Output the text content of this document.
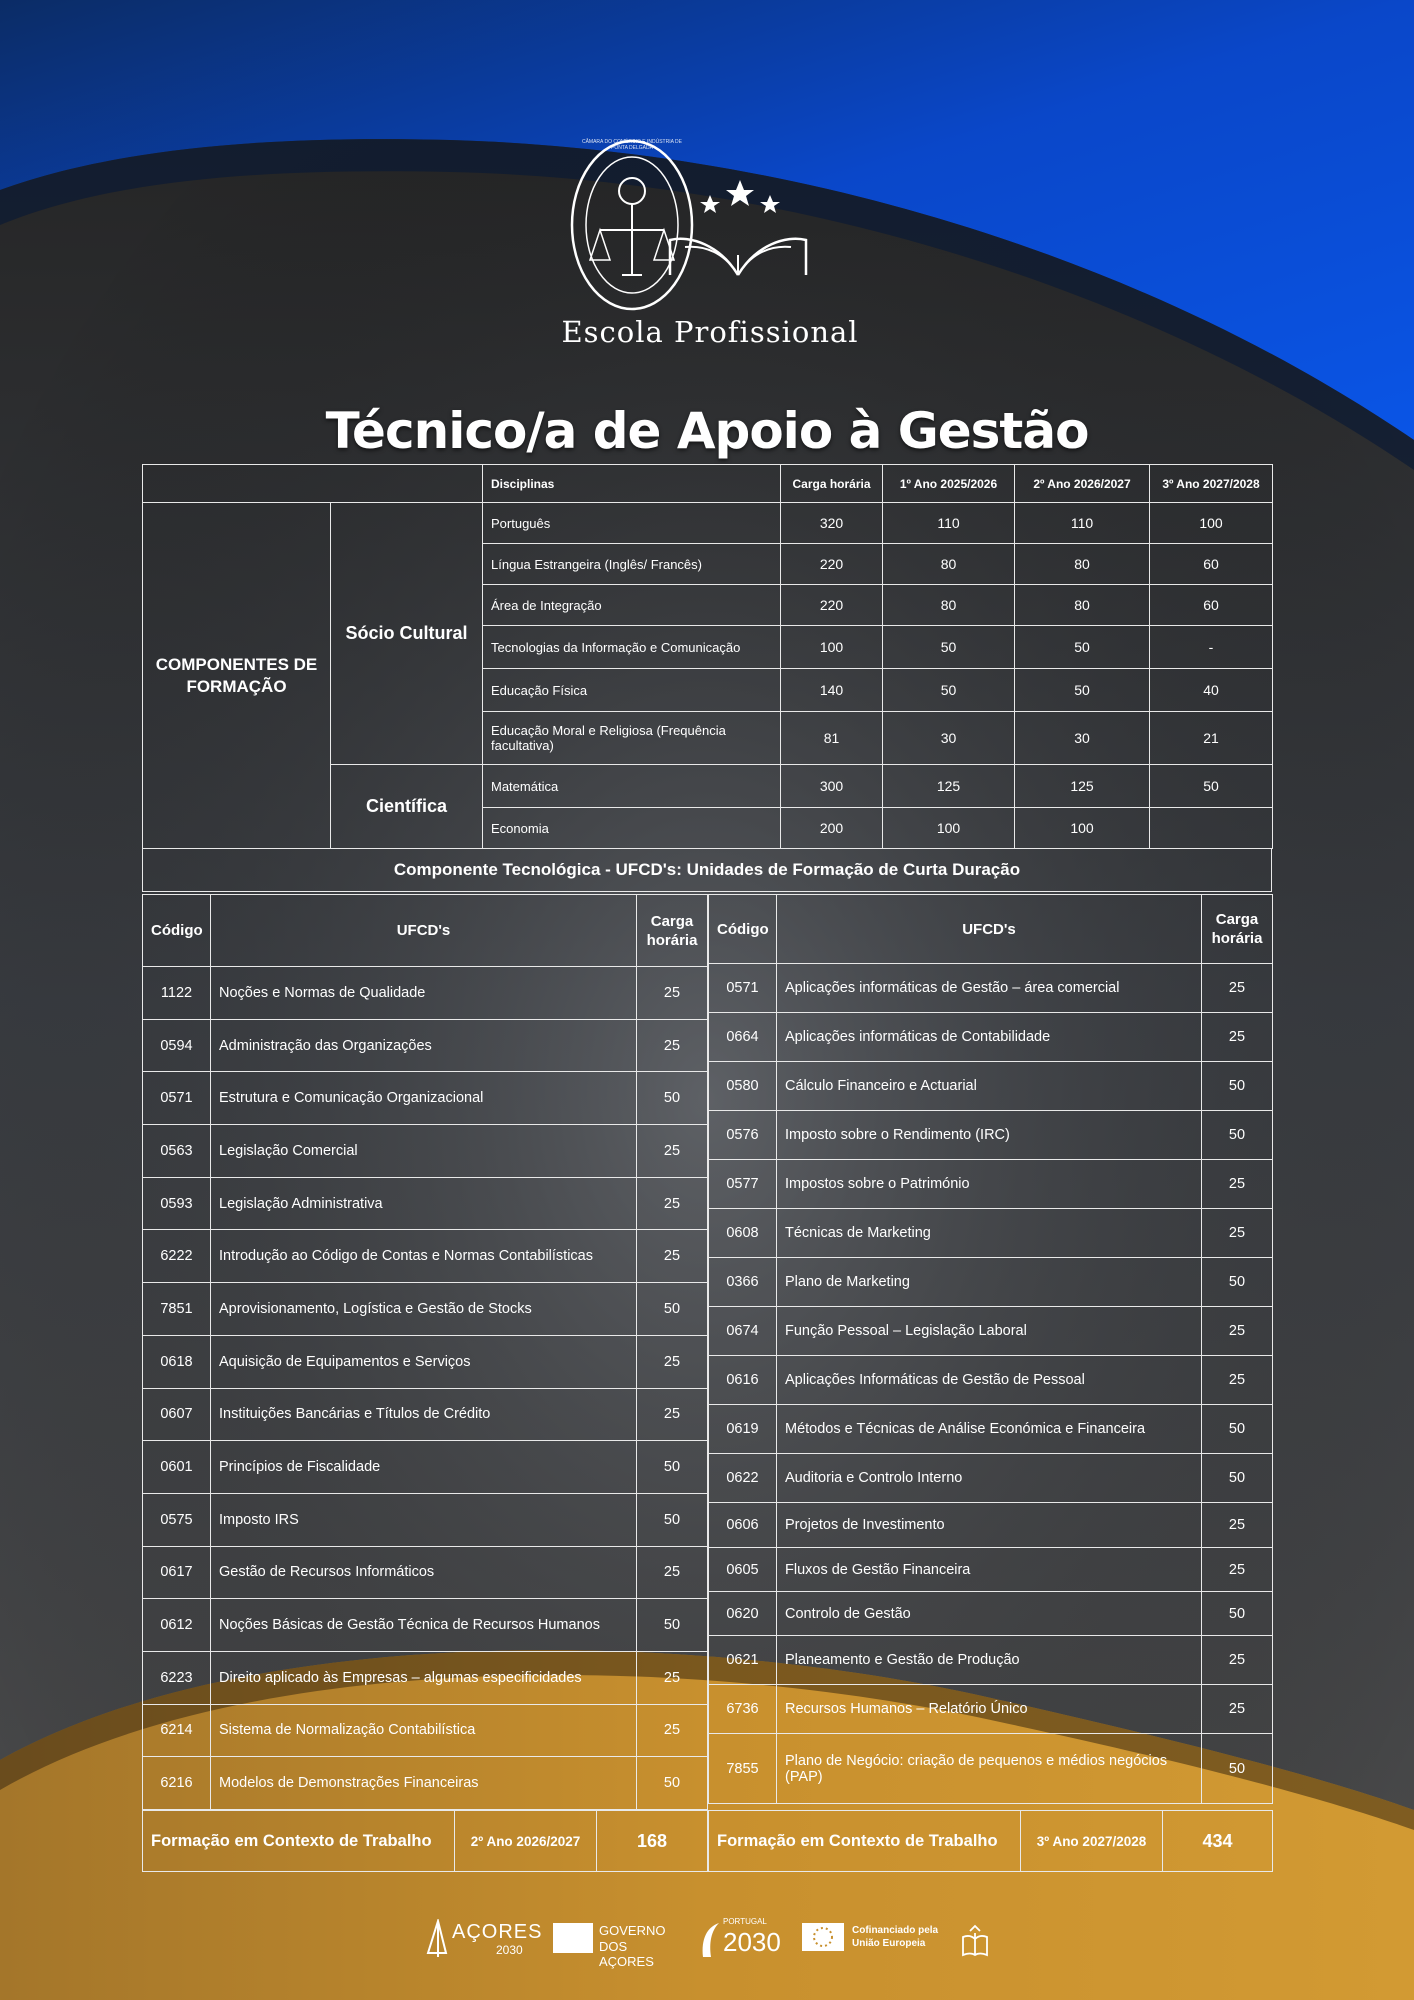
CÂMARA DO COMÉRCIO E INDÚSTRIA DE PONTA DELGADA
Escola Profissional
Técnico/a de Apoio à Gestão
		Disciplinas	Carga horária	1º Ano 2025/2026	2º Ano 2026/2027	3º Ano 2027/2028
COMPONENTES DE FORMAÇÃO	Sócio Cultural	Português	320	110	110	100
		Língua Estrangeira (Inglês/ Francês)	220	80	80	60
		Área de Integração	220	80	80	60
		Tecnologias da Informação e Comunicação	100	50	50	-
		Educação Física	140	50	50	40
		Educação Moral e Religiosa (Frequência facultativa)	81	30	30	21
	Científica	Matemática	300	125	125	50
		Economia	200	100	100	
Componente Tecnológica - UFCD's: Unidades de Formação de Curta Duração
Código	UFCD's	Carga horária
1122	Noções e Normas de Qualidade	25
0594	Administração das Organizações	25
0571	Estrutura e Comunicação Organizacional	50
0563	Legislação Comercial	25
0593	Legislação Administrativa	25
6222	Introdução ao Código de Contas e Normas Contabilísticas	25
7851	Aprovisionamento, Logística e Gestão de Stocks	50
0618	Aquisição de Equipamentos e Serviços	25
0607	Instituições Bancárias e Títulos de Crédito	25
0601	Princípios de Fiscalidade	50
0575	Imposto IRS	50
0617	Gestão de Recursos Informáticos	25
0612	Noções Básicas de Gestão Técnica de Recursos Humanos	50
6223	Direito aplicado às Empresas – algumas especificidades	25
6214	Sistema de Normalização Contabilística	25
6216	Modelos de Demonstrações Financeiras	50
Código	UFCD's	Carga horária
0571	Aplicações informáticas de Gestão – área comercial	25
0664	Aplicações informáticas de Contabilidade	25
0580	Cálculo Financeiro e Actuarial	50
0576	Imposto sobre o Rendimento (IRC)	50
0577	Impostos sobre o Património	25
0608	Técnicas de Marketing	25
0366	Plano de Marketing	50
0674	Função Pessoal – Legislação Laboral	25
0616	Aplicações Informáticas de Gestão de Pessoal	25
0619	Métodos e Técnicas de Análise Económica e Financeira	50
0622	Auditoria e Controlo Interno	50
0606	Projetos de Investimento	25
0605	Fluxos de Gestão Financeira	25
0620	Controlo de Gestão	50
0621	Planeamento e Gestão de Produção	25
6736	Recursos Humanos – Relatório Único	25
7855	Plano de Negócio: criação de pequenos e médios negócios (PAP)	50
Formação em Contexto de Trabalho	2º Ano 2026/2027	168	Formação em Contexto de Trabalho	3º Ano 2027/2028	434
AÇORES
2030
GOVERNO
DOS AÇORES
PORTUGAL
2030	Cofinanciado pela
União Europeia
